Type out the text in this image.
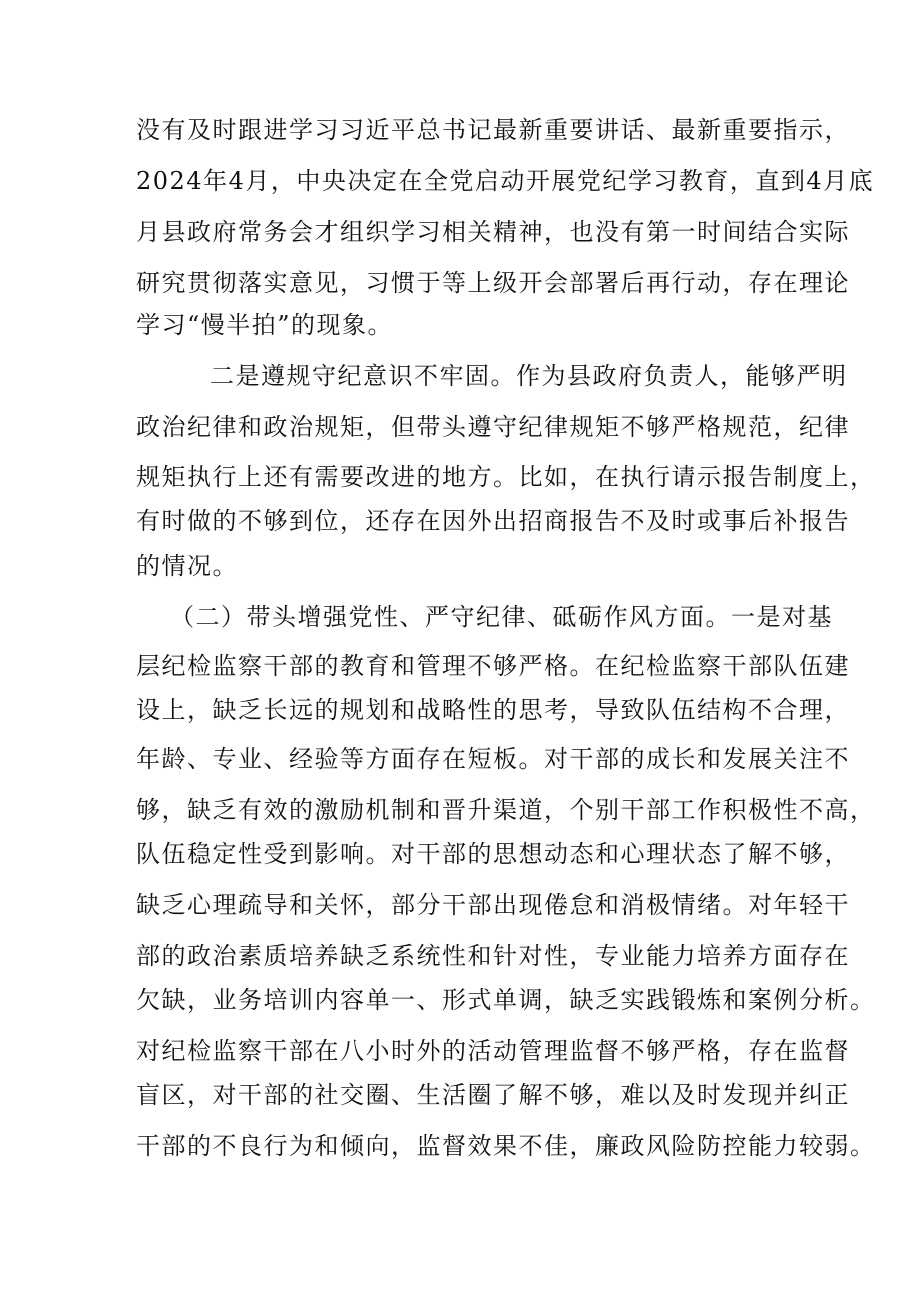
没有及时跟进学习习近平总书记最新重要讲话、最新重要指示，
2024年4月，中央决定在全党启动开展党纪学习教育，直到4月底
月县政府常务会才组织学习相关精神，也没有第一时间结合实际
研究贯彻落实意见，习惯于等上级开会部署后再行动，存在理论
学习“慢半拍”的现象。
二是遵规守纪意识不牢固。作为县政府负责人，能够严明
政治纪律和政治规矩，但带头遵守纪律规矩不够严格规范，纪律
规矩执行上还有需要改进的地方。比如，在执行请示报告制度上，
有时做的不够到位，还存在因外出招商报告不及时或事后补报告
的情况。
（二）带头增强党性、严守纪律、砥砺作风方面。一是对基
层纪检监察干部的教育和管理不够严格。在纪检监察干部队伍建
设上，缺乏长远的规划和战略性的思考，导致队伍结构不合理，
年龄、专业、经验等方面存在短板。对干部的成长和发展关注不
够，缺乏有效的激励机制和晋升渠道，个别干部工作积极性不高，
队伍稳定性受到影响。对干部的思想动态和心理状态了解不够，
缺乏心理疏导和关怀，部分干部出现倦怠和消极情绪。对年轻干
部的政治素质培养缺乏系统性和针对性，专业能力培养方面存在
欠缺，业务培训内容单一、形式单调，缺乏实践锻炼和案例分析。
对纪检监察干部在八小时外的活动管理监督不够严格，存在监督
盲区，对干部的社交圈、生活圈了解不够，难以及时发现并纠正
干部的不良行为和倾向，监督效果不佳，廉政风险防控能力较弱。
